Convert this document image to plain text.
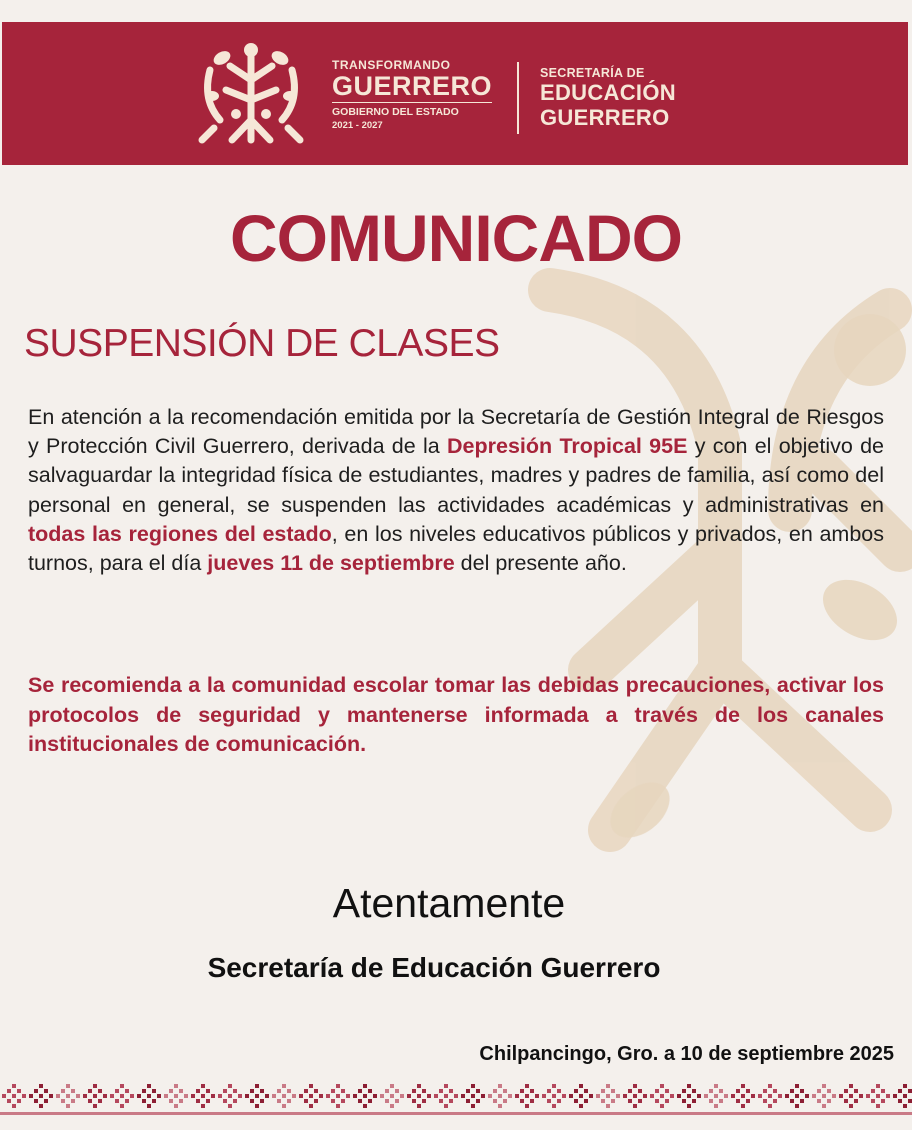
TRANSFORMANDO
GUERRERO
GOBIERNO DEL ESTADO
2021 - 2027
SECRETARÍA DE
EDUCACIÓN
GUERRERO
COMUNICADO
SUSPENSIÓN DE CLASES
En atención a la recomendación emitida por la Secretaría de Gestión Integral de Riesgos y Protección Civil Guerrero, derivada de la Depresión Tropical 95E y con el objetivo de salvaguardar la integridad física de estudiantes, madres y padres de familia, así como del personal en general, se suspenden las actividades académicas y administrativas en todas las regiones del estado, en los niveles educativos públicos y privados, en ambos turnos, para el día jueves 11 de septiembre del presente año.
Se recomienda a la comunidad escolar tomar las debidas precauciones, activar los protocolos de seguridad y mantenerse informada a través de los canales institucionales de comunicación.
Atentamente
Secretaría de Educación Guerrero
Chilpancingo, Gro. a 10 de septiembre 2025
